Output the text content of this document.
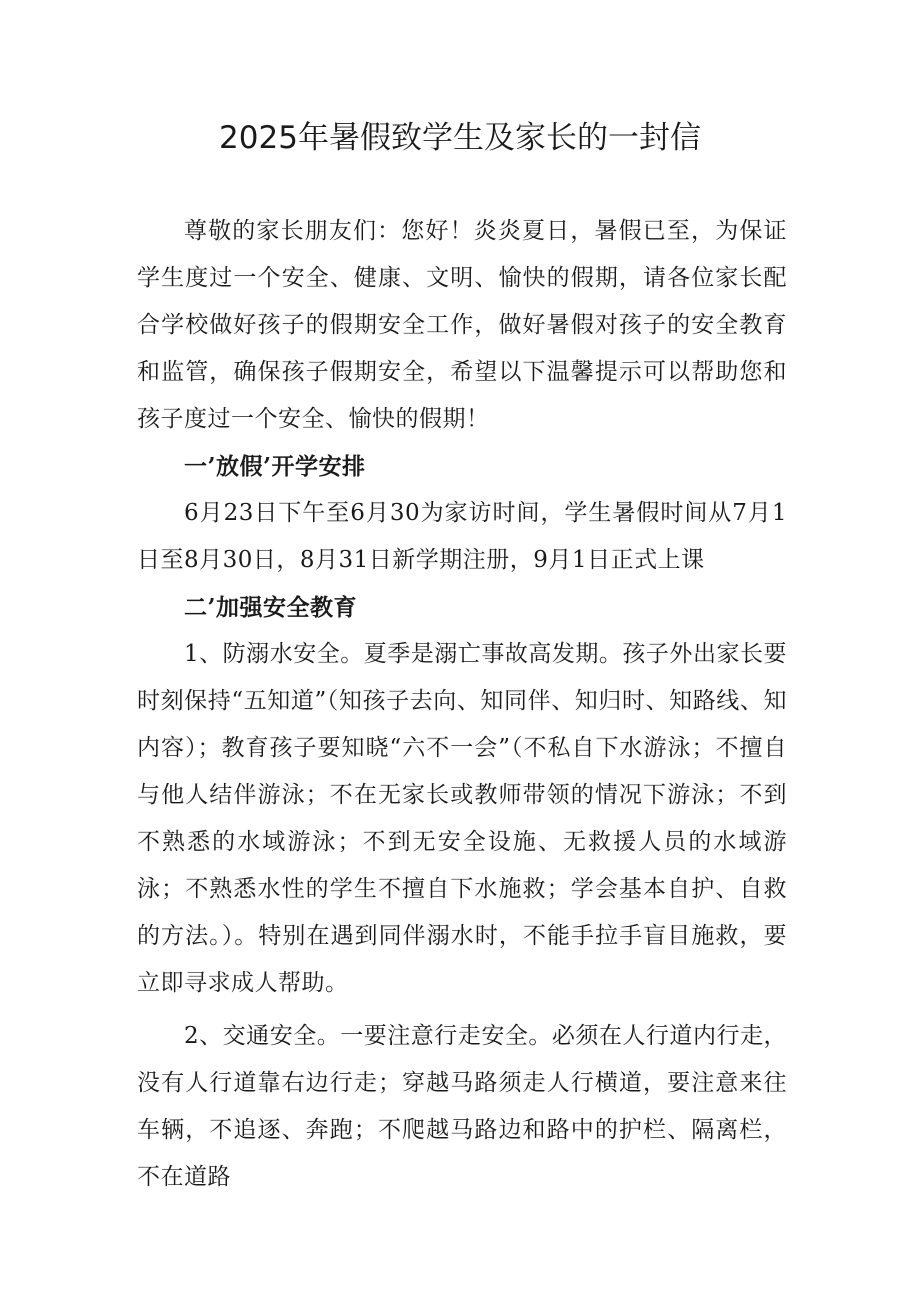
2025年暑假致学生及家长的一封信

尊敬的家长朋友们：您好！炎炎夏日，暑假已至，为保证学生度过一个安全、健康、文明、愉快的假期，请各位家长配合学校做好孩子的假期安全工作，做好暑假对孩子的安全教育和监管，确保孩子假期安全，希望以下温馨提示可以帮助您和孩子度过一个安全、愉快的假期！

一’放假’开学安排

6月23日下午至6月30为家访时间，学生暑假时间从7月1日至8月30日，8月31日新学期注册，9月1日正式上课

二’加强安全教育

1、防溺水安全。夏季是溺亡事故高发期。孩子外出家长要时刻保持“五知道”（知孩子去向、知同伴、知归时、知路线、知内容）；教育孩子要知晓“六不一会”（不私自下水游泳；不擅自与他人结伴游泳；不在无家长或教师带领的情况下游泳；不到不熟悉的水域游泳；不到无安全设施、无救援人员的水域游泳；不熟悉水性的学生不擅自下水施救；学会基本自护、自救的方法。）。特别在遇到同伴溺水时，不能手拉手盲目施救，要立即寻求成人帮助。

2、交通安全。一要注意行走安全。必须在人行道内行走，没有人行道靠右边行走；穿越马路须走人行横道，要注意来往车辆，不追逐、奔跑；不爬越马路边和路中的护栏、隔离栏，不在道路
